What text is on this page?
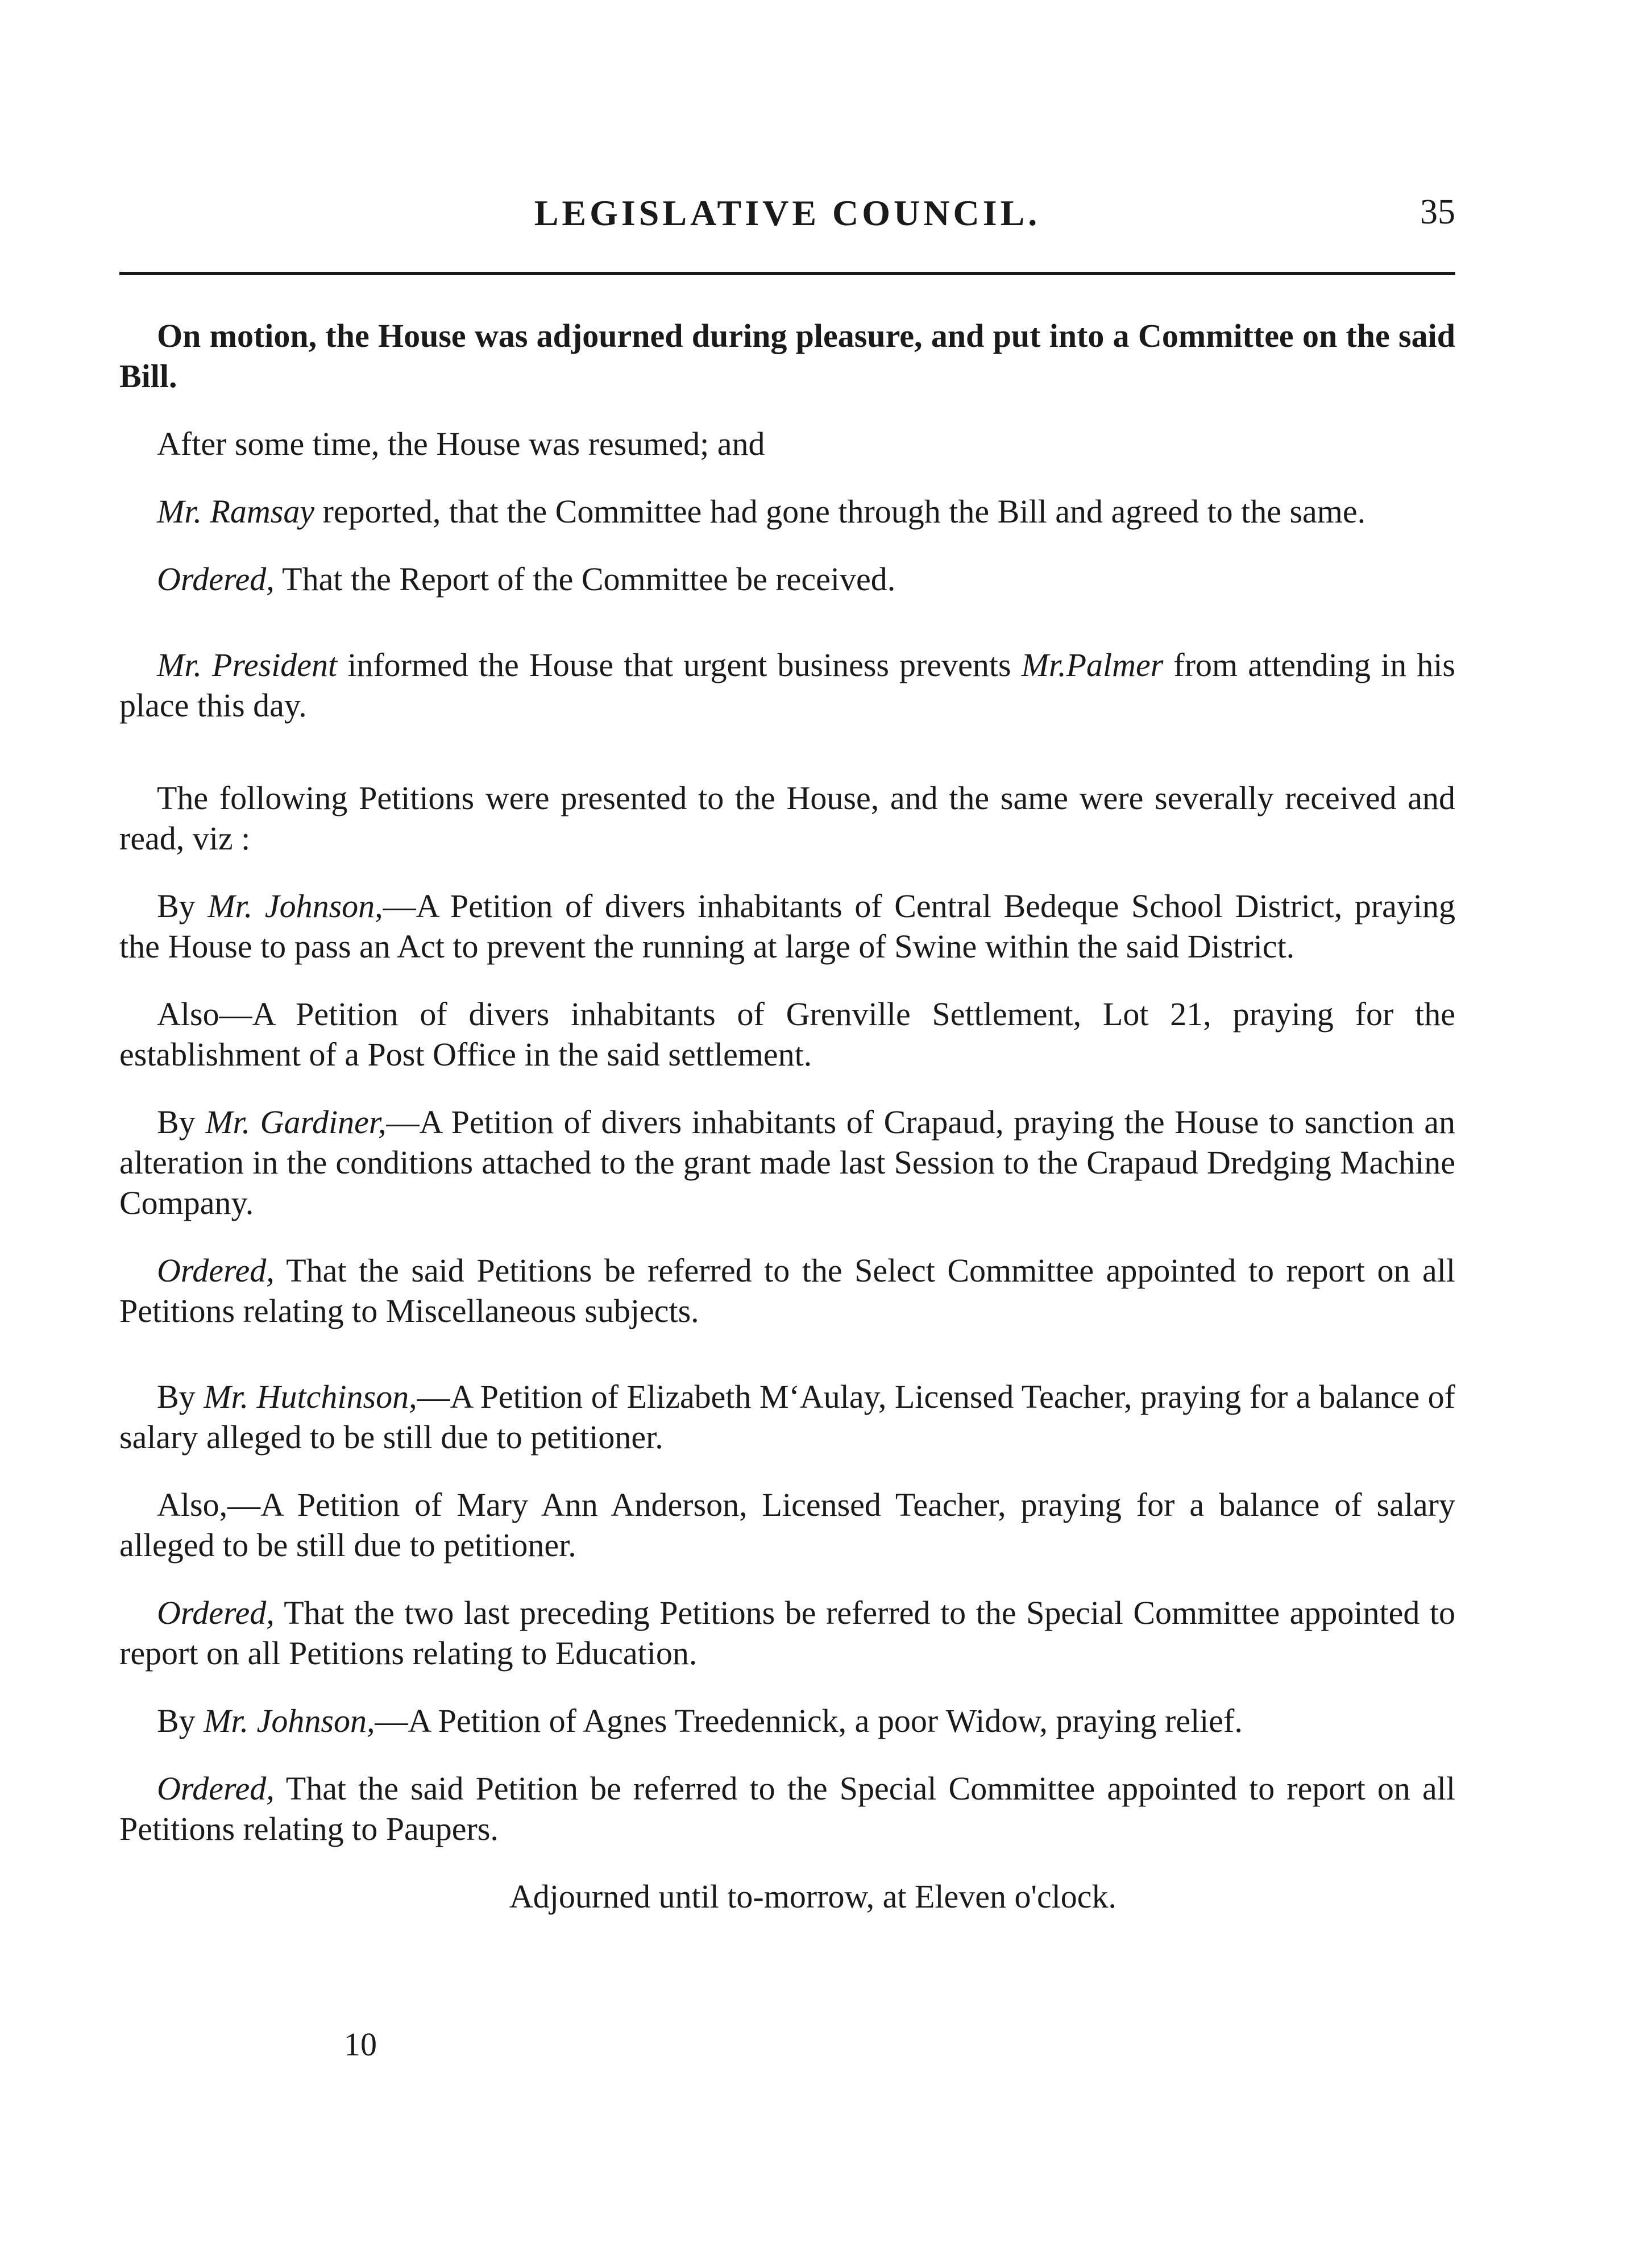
LEGISLATIVE COUNCIL.	35

On motion, the House was adjourned during pleasure, and put into a Committee on the said Bill.

After some time, the House was resumed; and

Mr. Ramsay reported, that the Committee had gone through the Bill and agreed to the same.

Ordered, That the Report of the Committee be received.

Mr. President informed the House that urgent business prevents Mr.Palmer from attending in his place this day.

The following Petitions were presented to the House, and the same were severally received and read, viz :

By Mr. Johnson,—A Petition of divers inhabitants of Central Bedeque School District, praying the House to pass an Act to prevent the running at large of Swine within the said District.

Also—A Petition of divers inhabitants of Grenville Settlement, Lot 21, praying for the establishment of a Post Office in the said settlement.

By Mr. Gardiner,—A Petition of divers inhabitants of Crapaud, praying the House to sanction an alteration in the conditions attached to the grant made last Session to the Crapaud Dredging Machine Company.

Ordered, That the said Petitions be referred to the Select Committee appointed to report on all Petitions relating to Miscellaneous subjects.

By Mr. Hutchinson,—A Petition of Elizabeth M‘Aulay, Licensed Teacher, praying for a balance of salary alleged to be still due to petitioner.

Also,—A Petition of Mary Ann Anderson, Licensed Teacher, praying for a balance of salary alleged to be still due to petitioner.

Ordered, That the two last preceding Petitions be referred to the Special Committee appointed to report on all Petitions relating to Education.

By Mr. Johnson,—A Petition of Agnes Treedennick, a poor Widow, praying relief.

Ordered, That the said Petition be referred to the Special Committee appointed to report on all Petitions relating to Paupers.

Adjourned until to-morrow, at Eleven o'clock.

10
